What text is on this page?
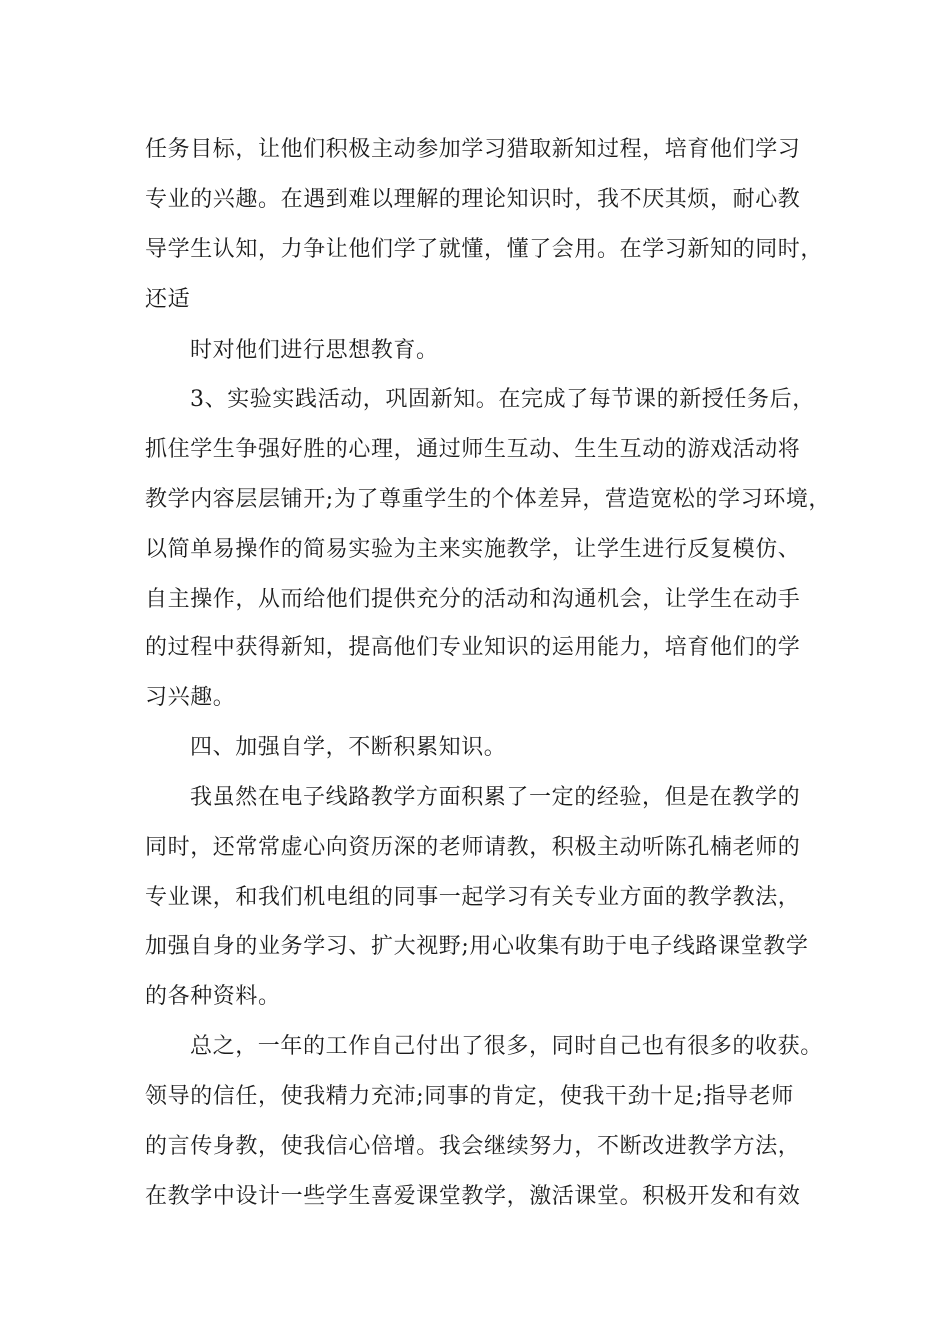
任务目标，让他们积极主动参加学习猎取新知过程，培育他们学习
专业的兴趣。在遇到难以理解的理论知识时，我不厌其烦，耐心教
导学生认知，力争让他们学了就懂，懂了会用。在学习新知的同时，
还适
时对他们进行思想教育。
3、实验实践活动，巩固新知。在完成了每节课的新授任务后，
抓住学生争强好胜的心理，通过师生互动、生生互动的游戏活动将
教学内容层层铺开;为了尊重学生的个体差异，营造宽松的学习环境，
以简单易操作的简易实验为主来实施教学，让学生进行反复模仿、
自主操作，从而给他们提供充分的活动和沟通机会，让学生在动手
的过程中获得新知，提高他们专业知识的运用能力，培育他们的学
习兴趣。
四、加强自学，不断积累知识。
我虽然在电子线路教学方面积累了一定的经验，但是在教学的
同时，还常常虚心向资历深的老师请教，积极主动听陈孔楠老师的
专业课，和我们机电组的同事一起学习有关专业方面的教学教法，
加强自身的业务学习、扩大视野;用心收集有助于电子线路课堂教学
的各种资料。
总之，一年的工作自己付出了很多，同时自己也有很多的收获。
领导的信任，使我精力充沛;同事的肯定，使我干劲十足;指导老师
的言传身教，使我信心倍增。我会继续努力，不断改进教学方法，
在教学中设计一些学生喜爱课堂教学，激活课堂。积极开发和有效
